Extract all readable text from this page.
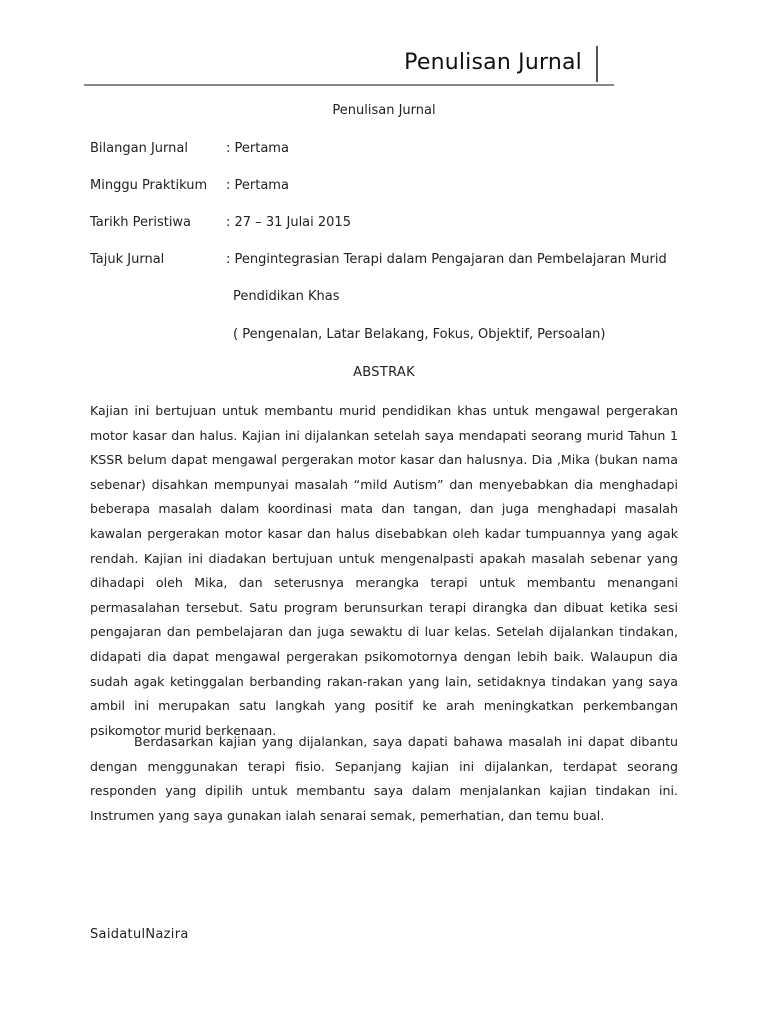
Penulisan Jurnal
Penulisan Jurnal
Bilangan Jurnal	: Pertama
Minggu Praktikum : Pertama
Tarikh Peristiwa	: 27 – 31 Julai 2015
Tajuk Jurnal	: Pengintegrasian Terapi dalam Pengajaran dan Pembelajaran Murid
Pendidikan Khas
( Pengenalan, Latar Belakang, Fokus, Objektif, Persoalan)
ABSTRAK

Kajian ini bertujuan untuk membantu murid pendidikan khas untuk mengawal pergerakan motor kasar dan halus. Kajian ini dijalankan setelah saya mendapati seorang murid Tahun 1 KSSR belum dapat mengawal pergerakan motor kasar dan halusnya. Dia ,Mika (bukan nama sebenar) disahkan mempunyai masalah “mild Autism” dan menyebabkan dia menghadapi beberapa masalah dalam koordinasi mata dan tangan, dan juga menghadapi masalah kawalan pergerakan motor kasar dan halus disebabkan oleh kadar tumpuannya yang agak rendah. Kajian ini diadakan bertujuan untuk mengenalpasti apakah masalah sebenar yang dihadapi oleh Mika, dan seterusnya merangka terapi untuk membantu menangani permasalahan tersebut. Satu program berunsurkan terapi dirangka dan dibuat ketika sesi pengajaran dan pembelajaran dan juga sewaktu di luar kelas. Setelah dijalankan tindakan, didapati dia dapat mengawal pergerakan psikomotornya dengan lebih baik. Walaupun dia sudah agak ketinggalan berbanding rakan-rakan yang lain, setidaknya tindakan yang saya ambil ini merupakan satu langkah yang positif ke arah meningkatkan perkembangan psikomotor murid berkenaan.

Berdasarkan kajian yang dijalankan, saya dapati bahawa masalah ini dapat dibantu dengan menggunakan terapi fisio. Sepanjang kajian ini dijalankan, terdapat seorang responden yang dipilih untuk membantu saya dalam menjalankan kajian tindakan ini. Instrumen yang saya gunakan ialah senarai semak, pemerhatian, dan temu bual.

SaidatulNazira
